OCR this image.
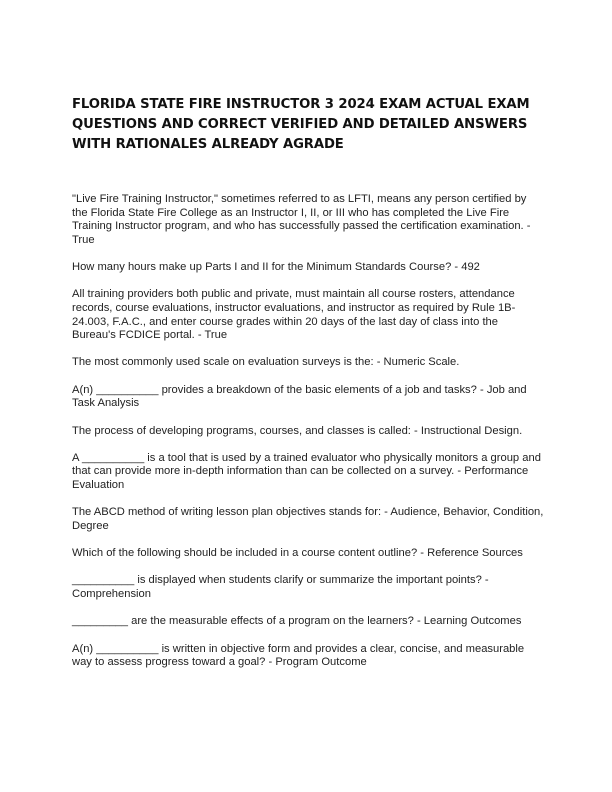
FLORIDA STATE FIRE INSTRUCTOR 3 2024 EXAM ACTUAL EXAM QUESTIONS AND CORRECT VERIFIED AND DETAILED ANSWERS WITH RATIONALES ALREADY AGRADE
"Live Fire Training Instructor," sometimes referred to as LFTI, means any person certified by the Florida State Fire College as an Instructor I, II, or III who has completed the Live Fire Training Instructor program, and who has successfully passed the certification examination. - True
How many hours make up Parts I and II for the Minimum Standards Course? - 492
All training providers both public and private, must maintain all course rosters, attendance records, course evaluations, instructor evaluations, and instructor as required by Rule 1B-24.003, F.A.C., and enter course grades within 20 days of the last day of class into the Bureau's FCDICE portal. - True
The most commonly used scale on evaluation surveys is the: - Numeric Scale.
A(n) __________ provides a breakdown of the basic elements of a job and tasks? - Job and Task Analysis
The process of developing programs, courses, and classes is called: - Instructional Design.
A __________ is a tool that is used by a trained evaluator who physically monitors a group and that can provide more in-depth information than can be collected on a survey. - Performance Evaluation
The ABCD method of writing lesson plan objectives stands for: - Audience, Behavior, Condition, Degree
Which of the following should be included in a course content outline? - Reference Sources
__________ is displayed when students clarify or summarize the important points? - Comprehension
_________ are the measurable effects of a program on the learners? - Learning Outcomes
A(n) __________ is written in objective form and provides a clear, concise, and measurable way to assess progress toward a goal? - Program Outcome
